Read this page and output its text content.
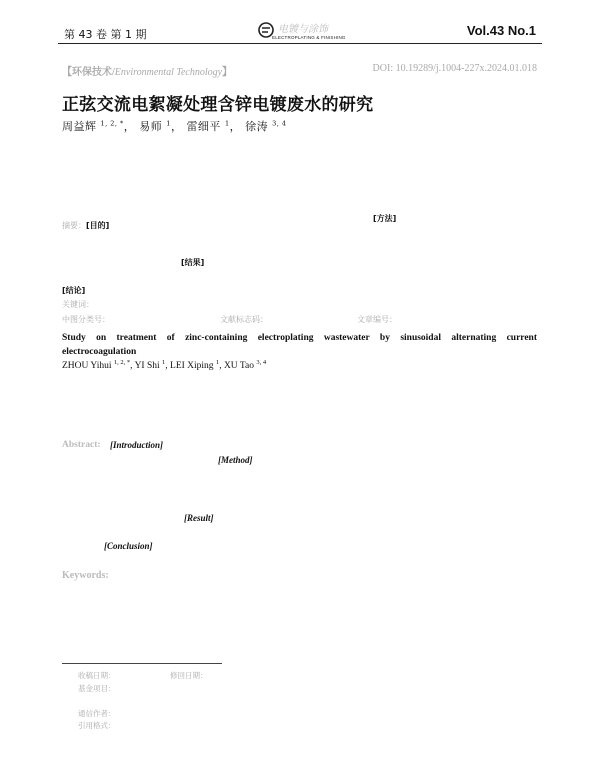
第 43 卷 第 1 期	电镀与涂饰
ELECTROPLATING & FINISHING	Vol.43 No.1
【环保技术/Environmental Technology】	DOI: 10.19289/j.1004-227x.2024.01.018
正弦交流电絮凝处理含锌电镀废水的研究
周益辉 $^{1, 2, *}$， 易师 $^1$， 雷细平 $^1$， 徐涛 $^{3, 4}$
摘要：[目的]
[方法]
[结果]
[结论]
关键词：
中图分类号：	文献标志码：	文章编号：
Study on treatment of zinc-containing electroplating wastewater by sinusoidal alternating current electrocoagulation
ZHOU Yihui $^{1, 2, *}$, YI Shi $^1$, LEI Xiping $^1$, XU Tao $^{3, 4}$
Abstract: [Introduction]
[Method]
[Result]
[Conclusion]
Keywords:
收稿日期：	修回日期：
基金项目：
通信作者：
引用格式：
